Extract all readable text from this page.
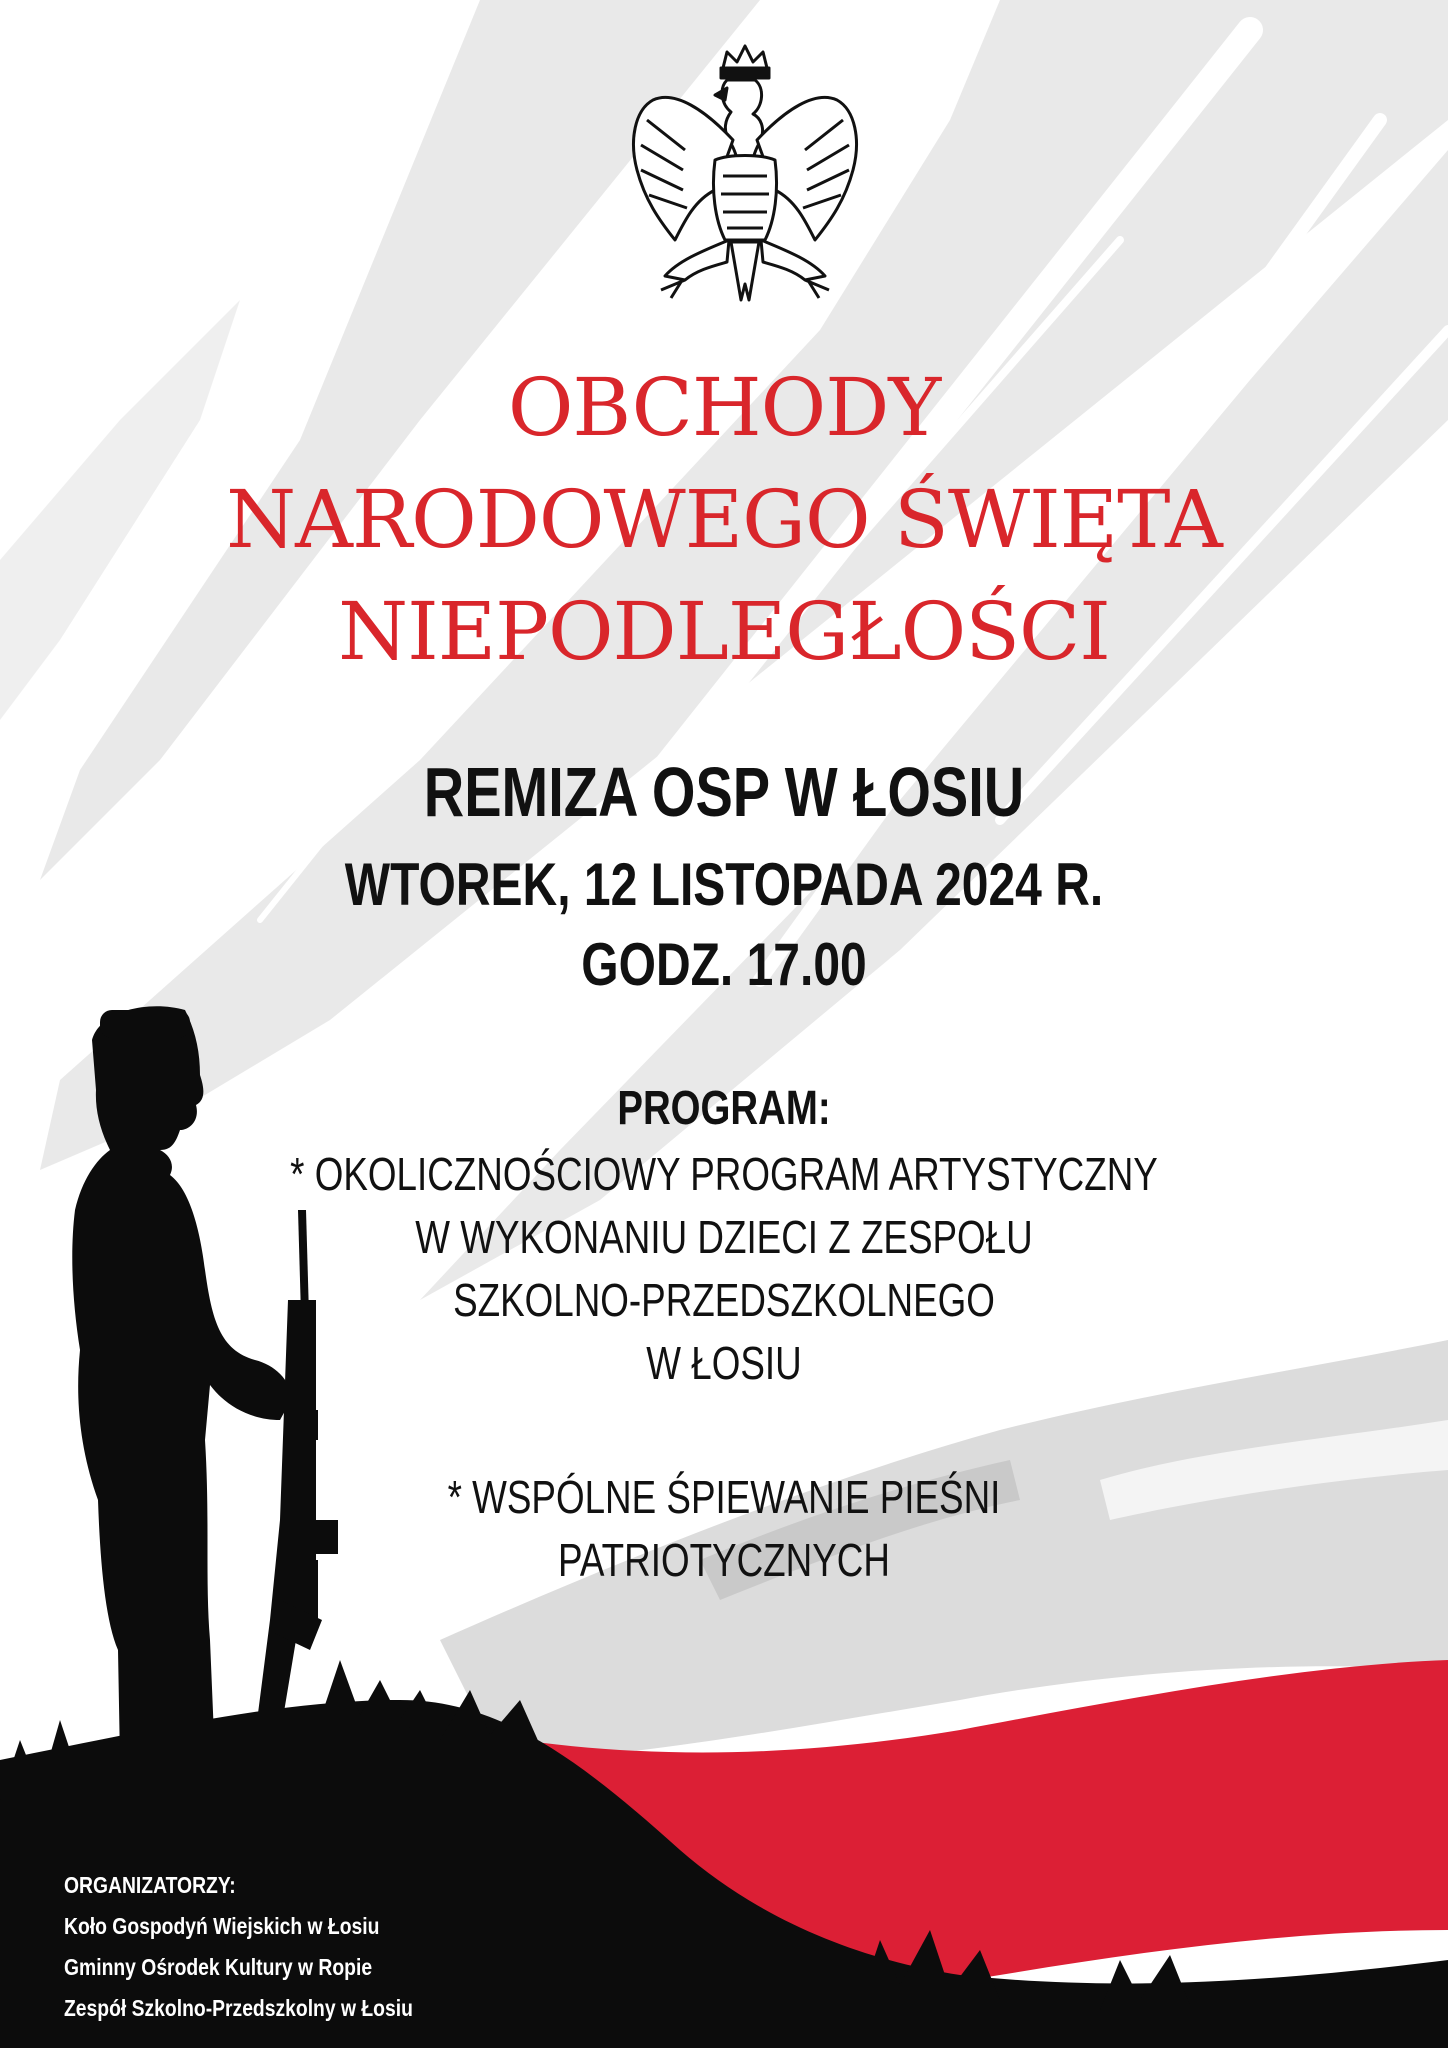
OBCHODY
NARODOWEGO ŚWIĘTA
NIEPODLEGŁOŚCI
REMIZA OSP W ŁOSIU
WTOREK, 12 LISTOPADA 2024 R.
GODZ. 17.00
PROGRAM:
* OKOLICZNOŚCIOWY PROGRAM ARTYSTYCZNY
W WYKONANIU DZIECI Z ZESPOŁU
SZKOLNO-PRZEDSZKOLNEGO
W ŁOSIU
* WSPÓLNE ŚPIEWANIE PIEŚNI
PATRIOTYCZNYCH
ORGANIZATORZY:
Koło Gospodyń Wiejskich w Łosiu
Gminny Ośrodek Kultury w Ropie
Zespół Szkolno-Przedszkolny w Łosiu
